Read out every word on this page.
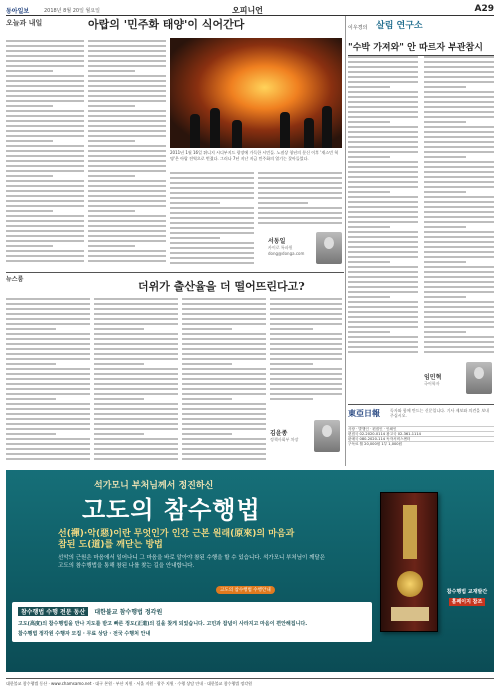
동아일보	2018년 8월 20일 월요일	오피니언	A29
오늘과 내일	아랍의 '민주화 태양'이 식어간다
2011년 1월 16일 튀니지 시디부지드 광장에 가득한 시민들. 노점상 청년의 분신 이후 '재스민 혁명'은 아랍 전역으로 번졌다. 그러나 7년 지난 지금 민주화의 열기는 잦아들었다.
서동일
카이로 특파원
dong@donga.com
이우경의 살림 연구소
"수박 가져와" 안 따르자 부관참시
임민혁
국어학자
뉴스룸
더위가 출산율을 더 떨어뜨린다고?
김윤종
정책사회부 차장
東亞日報	독자와 함께 만드는 신문입니다. 기사 제보와 의견을 보내 주십시오.
사장 · 발행인 · 편집인 · 인쇄인
편집국 02-2020-0114 광고국 02-361-1114
판매국 080-2020-114 독자서비스센터
구독료 월 20,000원 1부 1,000원
석가모니 부처님께서 정진하신
고도의 참수행법
선(禪)·악(惡)이란 무엇인가 인간 근본 원래(原來)의 마음과
참된 도(道)를 깨닫는 방법
선악의 근원은 마음에서 일어나니 그 마음을 바로 알아야 참된 수행을 할 수 있습니다. 석가모니 부처님이 깨달은 고도의 참수행법을 통해 참된 나를 찾는 길을 안내합니다.
고도의 참수행법 수행안내	참수행법 교재발간
홈페이지 참조
참수행법 수행 전문 동산 대한불교 참수행법 정각원
고도(高度)의 참수행법을 만나 지도를 받고 빠른 정도(正道)의 길을 찾게 되었습니다. 고민과 잡념이 사라지고 마음이 편안해집니다.
참수행법 정각원 수행자 모집 · 무료 상담 · 전국 수행처 안내
대한불교 참수행법 동산 · www.chamsamo.net · 대구 본원 · 부산 지원 · 서울 지원 · 광주 지원 · 수행 상담 안내 · 대한불교 참수행법 정각원
